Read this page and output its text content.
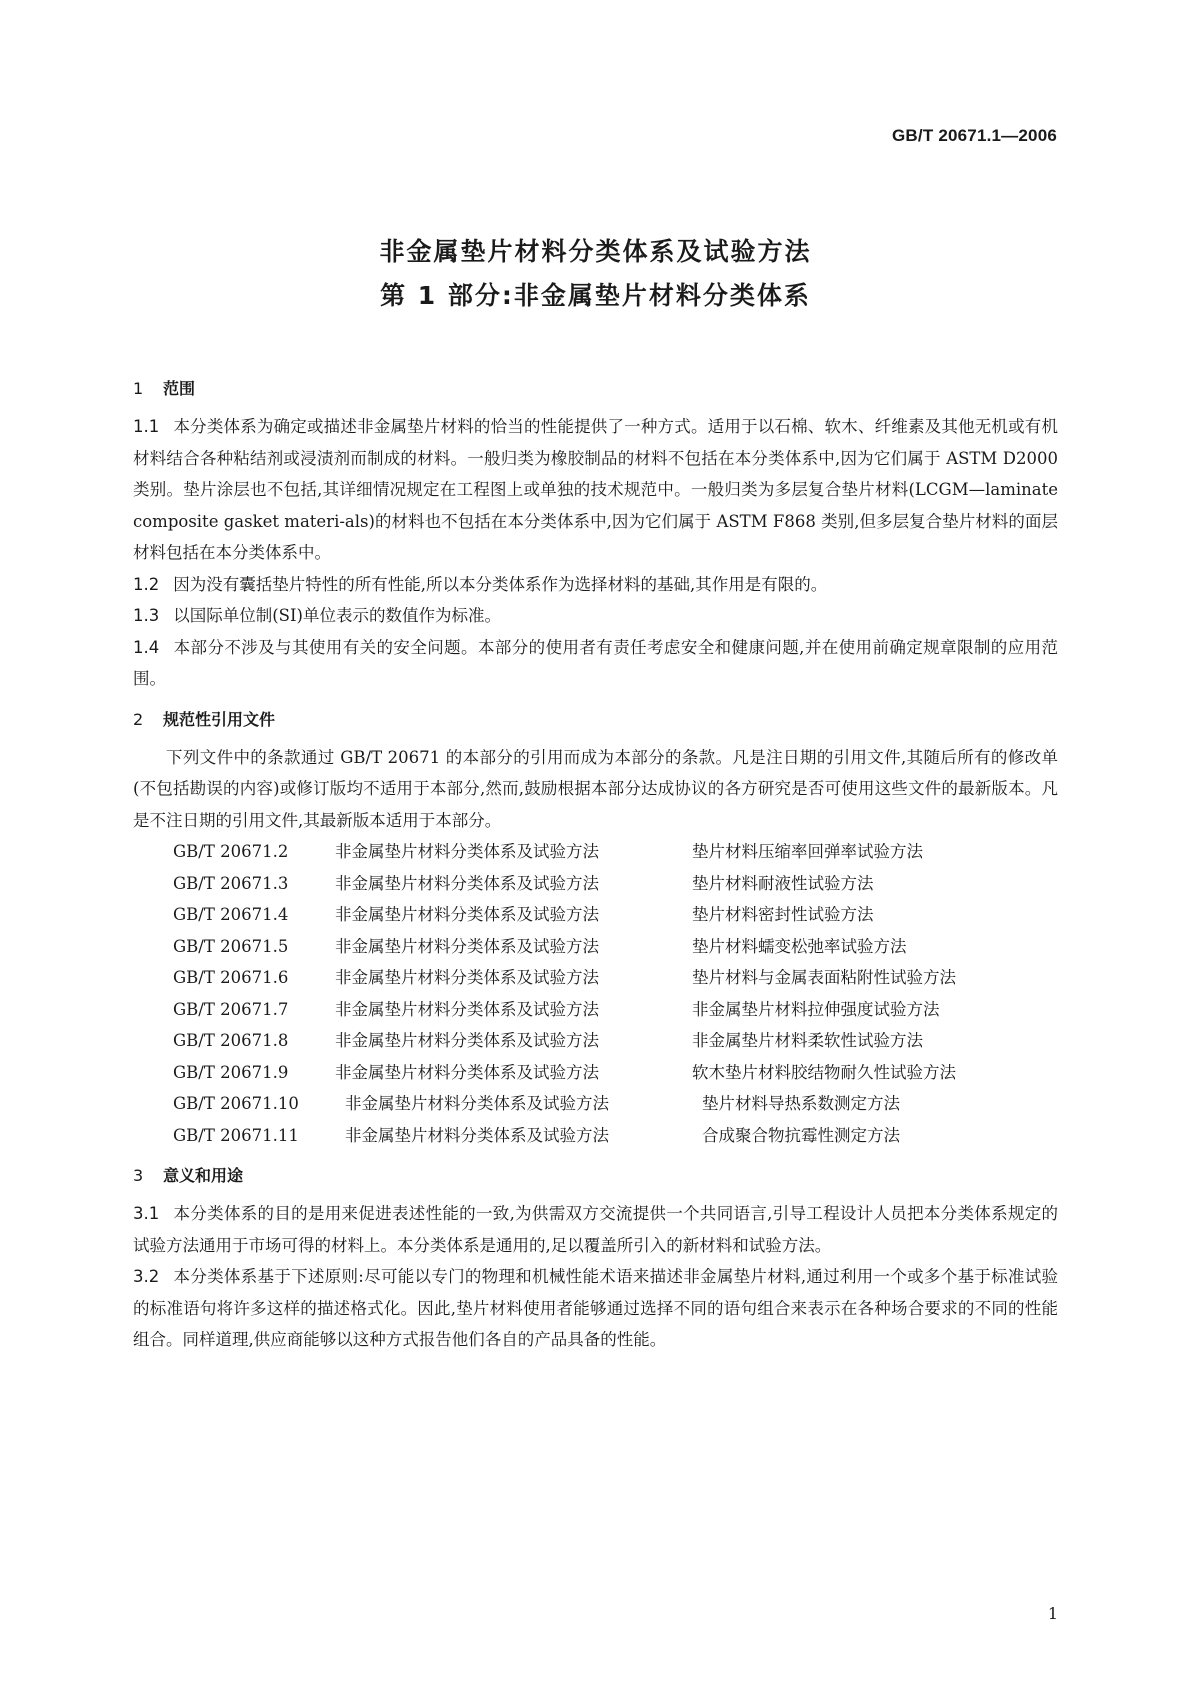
GB/T 20671.1—2006
非金属垫片材料分类体系及试验方法
第 1 部分:非金属垫片材料分类体系
1 范围

1.1 本分类体系为确定或描述非金属垫片材料的恰当的性能提供了一种方式。适用于以石棉、软木、纤维素及其他无机或有机材料结合各种粘结剂或浸渍剂而制成的材料。一般归类为橡胶制品的材料不包括在本分类体系中,因为它们属于 ASTM D2000 类别。垫片涂层也不包括,其详细情况规定在工程图上或单独的技术规范中。一般归类为多层复合垫片材料(LCGM—laminate composite gasket materi-als)的材料也不包括在本分类体系中,因为它们属于 ASTM F868 类别,但多层复合垫片材料的面层材料包括在本分类体系中。

1.2 因为没有囊括垫片特性的所有性能,所以本分类体系作为选择材料的基础,其作用是有限的。

1.3 以国际单位制(SI)单位表示的数值作为标准。

1.4 本部分不涉及与其使用有关的安全问题。本部分的使用者有责任考虑安全和健康问题,并在使用前确定规章限制的应用范围。

2 规范性引用文件

下列文件中的条款通过 GB/T 20671 的本部分的引用而成为本部分的条款。凡是注日期的引用文件,其随后所有的修改单(不包括勘误的内容)或修订版均不适用于本部分,然而,鼓励根据本部分达成协议的各方研究是否可使用这些文件的最新版本。凡是不注日期的引用文件,其最新版本适用于本部分。

GB/T 20671.2	非金属垫片材料分类体系及试验方法	垫片材料压缩率回弹率试验方法
GB/T 20671.3	非金属垫片材料分类体系及试验方法	垫片材料耐液性试验方法
GB/T 20671.4	非金属垫片材料分类体系及试验方法	垫片材料密封性试验方法
GB/T 20671.5	非金属垫片材料分类体系及试验方法	垫片材料蠕变松弛率试验方法
GB/T 20671.6	非金属垫片材料分类体系及试验方法	垫片材料与金属表面粘附性试验方法
GB/T 20671.7	非金属垫片材料分类体系及试验方法	非金属垫片材料拉伸强度试验方法
GB/T 20671.8	非金属垫片材料分类体系及试验方法	非金属垫片材料柔软性试验方法
GB/T 20671.9	非金属垫片材料分类体系及试验方法	软木垫片材料胶结物耐久性试验方法
GB/T 20671.10	非金属垫片材料分类体系及试验方法	垫片材料导热系数测定方法
GB/T 20671.11	非金属垫片材料分类体系及试验方法	合成聚合物抗霉性测定方法
3 意义和用途

3.1 本分类体系的目的是用来促进表述性能的一致,为供需双方交流提供一个共同语言,引导工程设计人员把本分类体系规定的试验方法通用于市场可得的材料上。本分类体系是通用的,足以覆盖所引入的新材料和试验方法。

3.2 本分类体系基于下述原则:尽可能以专门的物理和机械性能术语来描述非金属垫片材料,通过利用一个或多个基于标准试验的标准语句将许多这样的描述格式化。因此,垫片材料使用者能够通过选择不同的语句组合来表示在各种场合要求的不同的性能组合。同样道理,供应商能够以这种方式报告他们各自的产品具备的性能。

1
